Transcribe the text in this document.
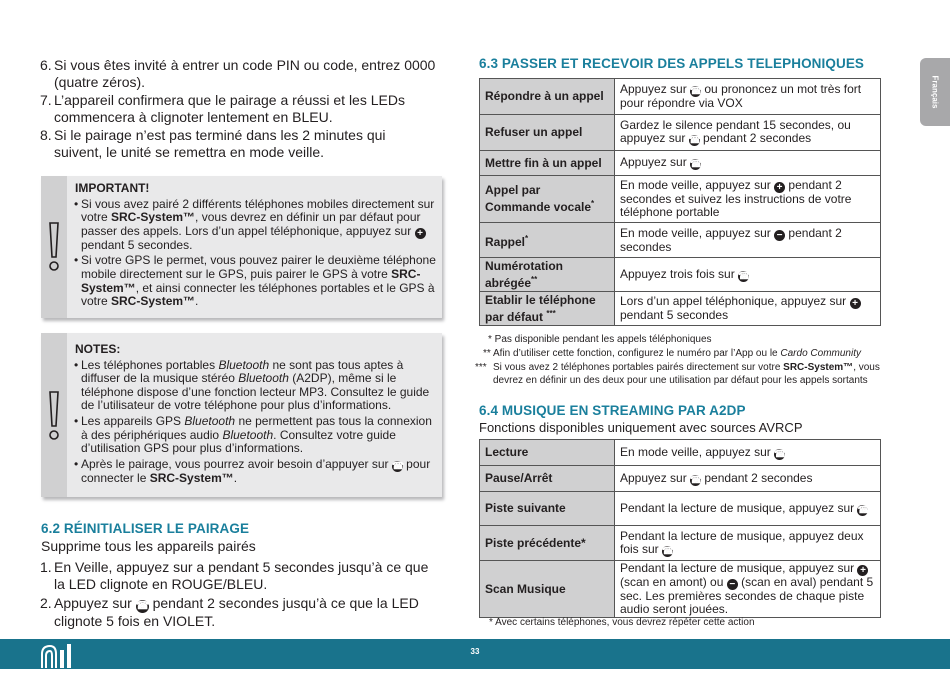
Français
6. Si vous êtes invité à entrer un code PIN ou code, entrez 0000 (quatre zéros).
7. L’appareil confirmera que le pairage a réussi et les LEDs commencera à clignoter lentement en BLEU.
8. Si le pairage n’est pas terminé dans les 2 minutes qui suivent, le unité se remettra en mode veille.
IMPORTANT!
• Si vous avez pairé 2 différents téléphones mobiles directement sur votre SRC-System™, vous devrez en définir un par défaut pour passer des appels. Lors d’un appel téléphonique, appuyez sur + pendant 5 secondes.
• Si votre GPS le permet, vous pouvez pairer le deuxième téléphone mobile directement sur le GPS, puis pairer le GPS à votre SRC-System™, et ainsi connecter les téléphones portables et le GPS à votre SRC-System™.
NOTES:
• Les téléphones portables Bluetooth ne sont pas tous aptes à diffuser de la musique stéréo Bluetooth (A2DP), même si le téléphone dispose d’une fonction lecteur MP3. Consultez le guide de l’utilisateur de votre téléphone pour plus d’informations.
• Les appareils GPS Bluetooth ne permettent pas tous la connexion à des périphériques audio Bluetooth. Consultez votre guide d’utilisation GPS pour plus d’informations.
• Après le pairage, vous pourrez avoir besoin d’appuyer sur ☎ pour connecter le SRC-System™.
6.2 RÉINITIALISER LE PAIRAGE
Supprime tous les appareils pairés
1. En Veille, appuyez sur a pendant 5 secondes jusqu’à ce que la LED clignote en ROUGE/BLEU.
2. Appuyez sur ☎ pendant 2 secondes jusqu’à ce que la LED clignote 5 fois en VIOLET.
6.3 PASSER ET RECEVOIR DES APPELS TELEPHONIQUES
Répondre à un appel	Appuyez sur ☎ ou prononcez un mot très fort pour répondre via VOX
Refuser un appel	Gardez le silence pendant 15 secondes, ou appuyez sur ☎ pendant 2 secondes
Mettre fin à un appel	Appuyez sur ☎
Appel par Commande vocale*	En mode veille, appuyez sur + pendant 2 secondes et suivez les instructions de votre téléphone portable
Rappel*	En mode veille, appuyez sur − pendant 2 secondes
Numérotation abrégée**	Appuyez trois fois sur ☎
Etablir le téléphone par défaut ***	Lors d’un appel téléphonique, appuyez sur + pendant 5 secondes
* Pas disponible pendant les appels téléphoniques
** Afin d’utiliser cette fonction, configurez le numéro par l’App ou le Cardo Community
*** Si vous avez 2 téléphones portables pairés directement sur votre SRC-System™, vous devrez en définir un des deux pour une utilisation par défaut pour les appels sortants
6.4 MUSIQUE EN STREAMING PAR A2DP
Fonctions disponibles uniquement avec sources AVRCP
Lecture	En mode veille, appuyez sur ☎
Pause/Arrêt	Appuyez sur ☎ pendant 2 secondes
Piste suivante	Pendant la lecture de musique, appuyez sur ☎
Piste précédente*	Pendant la lecture de musique, appuyez deux fois sur ☎
Scan Musique	Pendant la lecture de musique, appuyez sur + (scan en amont) ou − (scan en aval) pendant 5 sec. Les premières secondes de chaque piste audio seront jouées.
* Avec certains téléphones, vous devrez répéter cette action
33
